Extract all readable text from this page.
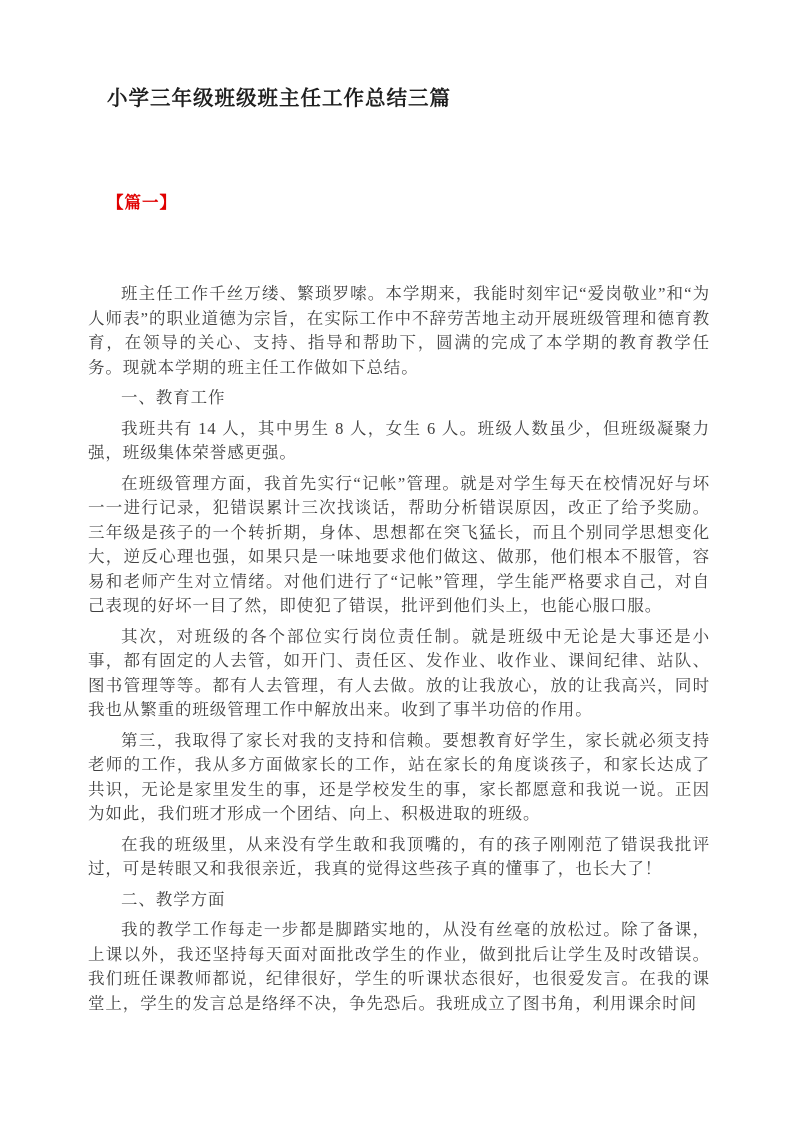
小学三年级班级班主任工作总结三篇
【篇一】

班主任工作千丝万缕、繁琐罗嗦。本学期来，我能时刻牢记“爱岗敬业”和“为人师表”的职业道德为宗旨，在实际工作中不辞劳苦地主动开展班级管理和德育教育，在领导的关心、支持、指导和帮助下，圆满的完成了本学期的教育教学任务。现就本学期的班主任工作做如下总结。

一、教育工作

我班共有 14 人，其中男生 8 人，女生 6 人。班级人数虽少，但班级凝聚力强，班级集体荣誉感更强。

在班级管理方面，我首先实行“记帐”管理。就是对学生每天在校情况好与坏一一进行记录，犯错误累计三次找谈话，帮助分析错误原因，改正了给予奖励。三年级是孩子的一个转折期，身体、思想都在突飞猛长，而且个别同学思想变化大，逆反心理也强，如果只是一味地要求他们做这、做那，他们根本不服管，容易和老师产生对立情绪。对他们进行了“记帐”管理，学生能严格要求自己，对自己表现的好坏一目了然，即使犯了错误，批评到他们头上，也能心服口服。

其次，对班级的各个部位实行岗位责任制。就是班级中无论是大事还是小事，都有固定的人去管，如开门、责任区、发作业、收作业、课间纪律、站队、图书管理等等。都有人去管理，有人去做。放的让我放心，放的让我高兴，同时我也从繁重的班级管理工作中解放出来。收到了事半功倍的作用。

第三，我取得了家长对我的支持和信赖。要想教育好学生，家长就必须支持老师的工作，我从多方面做家长的工作，站在家长的角度谈孩子，和家长达成了共识，无论是家里发生的事，还是学校发生的事，家长都愿意和我说一说。正因为如此，我们班才形成一个团结、向上、积极进取的班级。

在我的班级里，从来没有学生敢和我顶嘴的，有的孩子刚刚范了错误我批评过，可是转眼又和我很亲近，我真的觉得这些孩子真的懂事了，也长大了！

二、教学方面

我的教学工作每走一步都是脚踏实地的，从没有丝毫的放松过。除了备课，上课以外，我还坚持每天面对面批改学生的作业，做到批后让学生及时改错误。我们班任课教师都说，纪律很好，学生的听课状态很好，也很爱发言。在我的课堂上，学生的发言总是络绎不决，争先恐后。我班成立了图书角，利用课余时间
